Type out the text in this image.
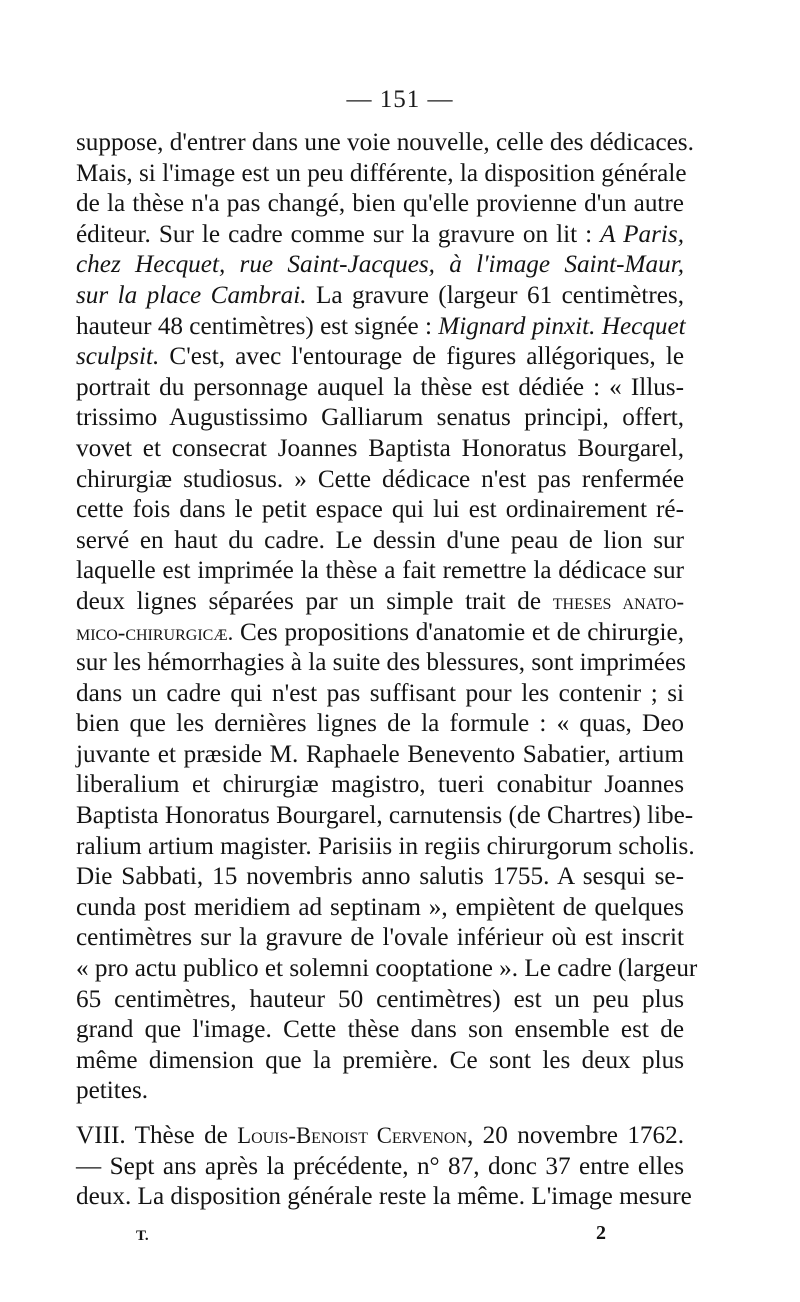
— 151 —
suppose, d'entrer dans une voie nouvelle, celle des dédicaces.
Mais, si l'image est un peu différente, la disposition générale
de la thèse n'a pas changé, bien qu'elle provienne d'un autre
éditeur. Sur le cadre comme sur la gravure on lit : A Paris,
chez Hecquet, rue Saint-Jacques, à l'image Saint-Maur,
sur la place Cambrai. La gravure (largeur 61 centimètres,
hauteur 48 centimètres) est signée : Mignard pinxit. Hecquet
sculpsit. C'est, avec l'entourage de figures allégoriques, le
portrait du personnage auquel la thèse est dédiée : « Illus-
trissimo Augustissimo Galliarum senatus principi, offert,
vovet et consecrat Joannes Baptista Honoratus Bourgarel,
chirurgiæ studiosus. » Cette dédicace n'est pas renfermée
cette fois dans le petit espace qui lui est ordinairement ré-
servé en haut du cadre. Le dessin d'une peau de lion sur
laquelle est imprimée la thèse a fait remettre la dédicace sur
deux lignes séparées par un simple trait de theses anato-
mico-chirurgicæ. Ces propositions d'anatomie et de chirurgie,
sur les hémorrhagies à la suite des blessures, sont imprimées
dans un cadre qui n'est pas suffisant pour les contenir ; si
bien que les dernières lignes de la formule : « quas, Deo
juvante et præside M. Raphaele Benevento Sabatier, artium
liberalium et chirurgiæ magistro, tueri conabitur Joannes
Baptista Honoratus Bourgarel, carnutensis (de Chartres) libe-
ralium artium magister. Parisiis in regiis chirurgorum scholis.
Die Sabbati, 15 novembris anno salutis 1755. A sesqui se-
cunda post meridiem ad septinam », empiètent de quelques
centimètres sur la gravure de l'ovale inférieur où est inscrit
« pro actu publico et solemni cooptatione ». Le cadre (largeur
65 centimètres, hauteur 50 centimètres) est un peu plus
grand que l'image. Cette thèse dans son ensemble est de
même dimension que la première. Ce sont les deux plus
petites.
VIII. Thèse de Louis-Benoist Cervenon, 20 novembre 1762.
— Sept ans après la précédente, n° 87, donc 37 entre elles
deux. La disposition générale reste la même. L'image mesure
T.	2
